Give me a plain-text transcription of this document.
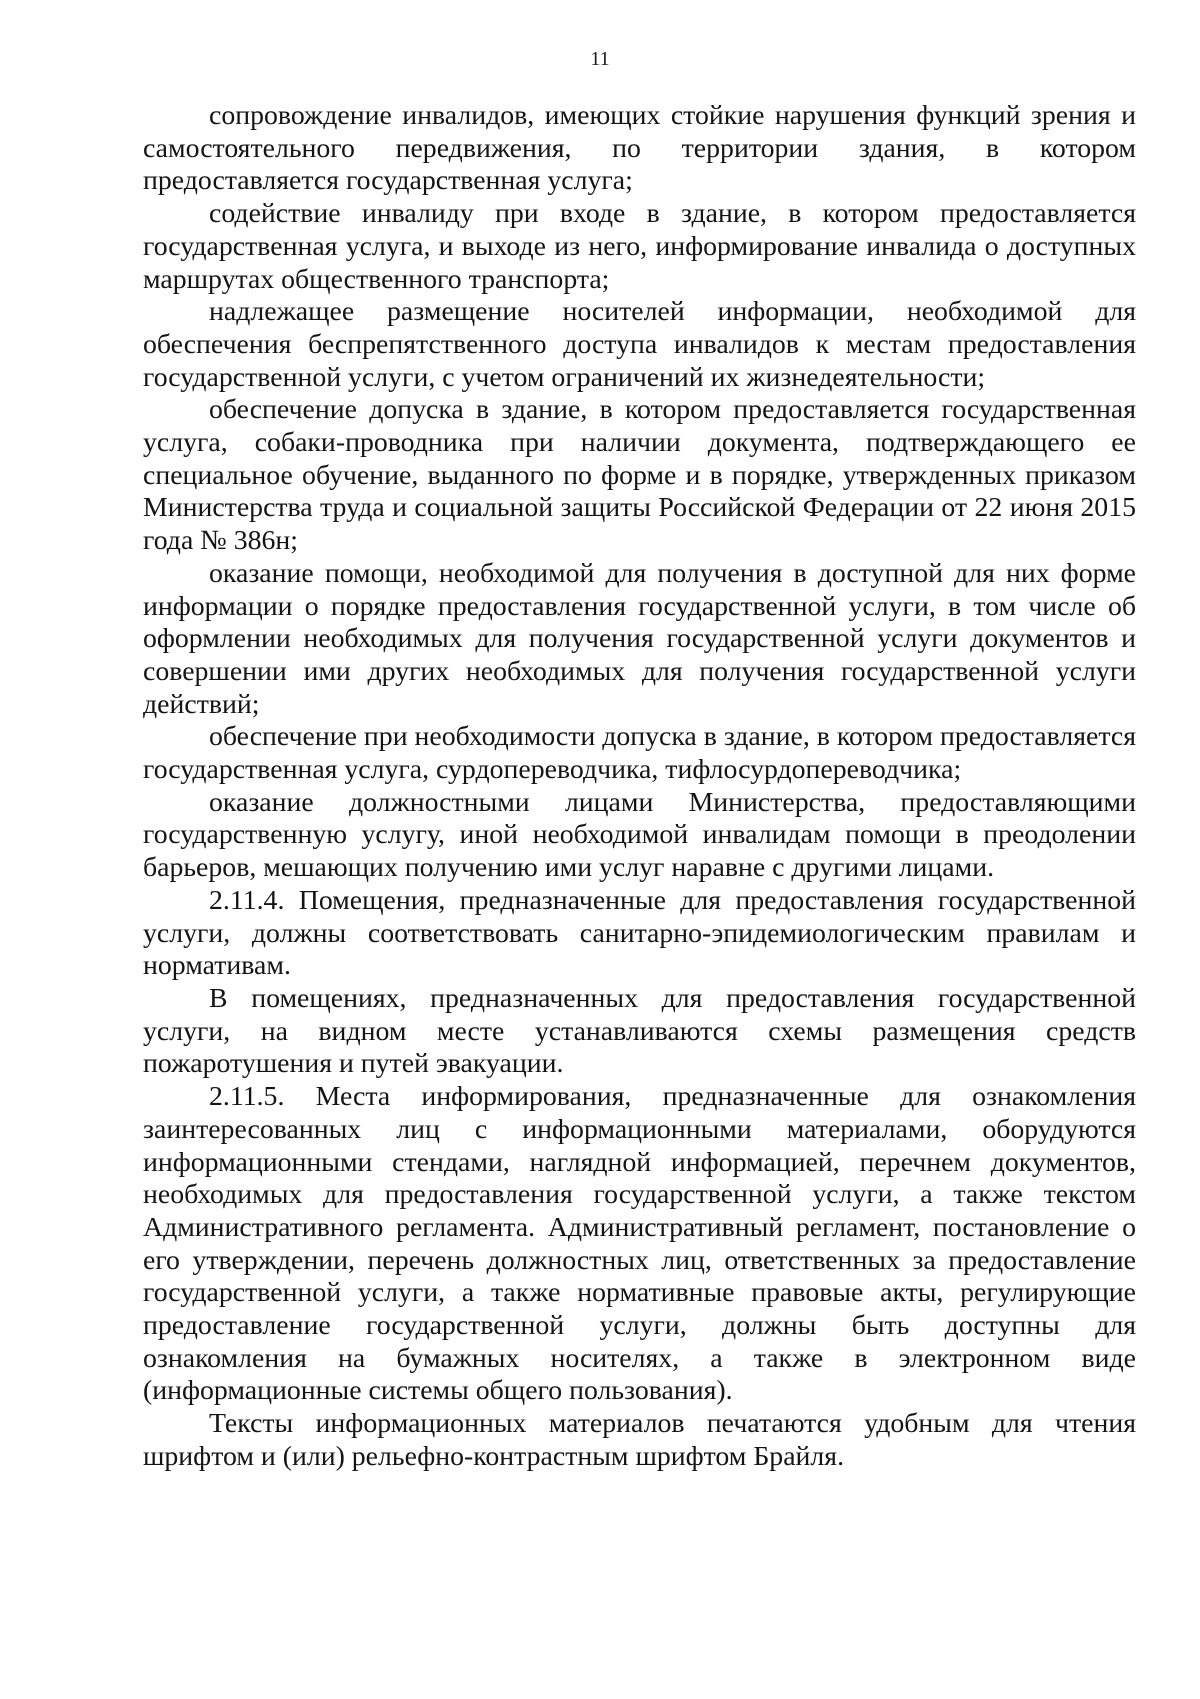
11

сопровождение инвалидов, имеющих стойкие нарушения функций зрения и самостоятельного передвижения, по территории здания, в котором предоставляется государственная услуга;

содействие инвалиду при входе в здание, в котором предоставляется государственная услуга, и выходе из него, информирование инвалида о доступных маршрутах общественного транспорта;

надлежащее размещение носителей информации, необходимой для обеспечения беспрепятственного доступа инвалидов к местам предоставления государственной услуги, с учетом ограничений их жизнедеятельности;

обеспечение допуска в здание, в котором предоставляется государственная услуга, собаки-проводника при наличии документа, подтверждающего ее специальное обучение, выданного по форме и в порядке, утвержденных приказом Министерства труда и социальной защиты Российской Федерации от 22 июня 2015 года № 386н;

оказание помощи, необходимой для получения в доступной для них форме информации о порядке предоставления государственной услуги, в том числе об оформлении необходимых для получения государственной услуги документов и совершении ими других необходимых для получения государственной услуги действий;

обеспечение при необходимости допуска в здание, в котором предоставляется государственная услуга, сурдопереводчика, тифлосурдопереводчика;

оказание должностными лицами Министерства, предоставляющими государственную услугу, иной необходимой инвалидам помощи в преодолении барьеров, мешающих получению ими услуг наравне с другими лицами.

2.11.4. Помещения, предназначенные для предоставления государственной услуги, должны соответствовать санитарно-эпидемиологическим правилам и нормативам.

В помещениях, предназначенных для предоставления государственной услуги, на видном месте устанавливаются схемы размещения средств пожаротушения и путей эвакуации.

2.11.5. Места информирования, предназначенные для ознакомления заинтересованных лиц с информационными материалами, оборудуются информационными стендами, наглядной информацией, перечнем документов, необходимых для предоставления государственной услуги, а также текстом Административного регламента. Административный регламент, постановление о его утверждении, перечень должностных лиц, ответственных за предоставление государственной услуги, а также нормативные правовые акты, регулирующие предоставление государственной услуги, должны быть доступны для ознакомления на бумажных носителях, а также в электронном виде (информационные системы общего пользования).

Тексты информационных материалов печатаются удобным для чтения шрифтом и (или) рельефно-контрастным шрифтом Брайля.
